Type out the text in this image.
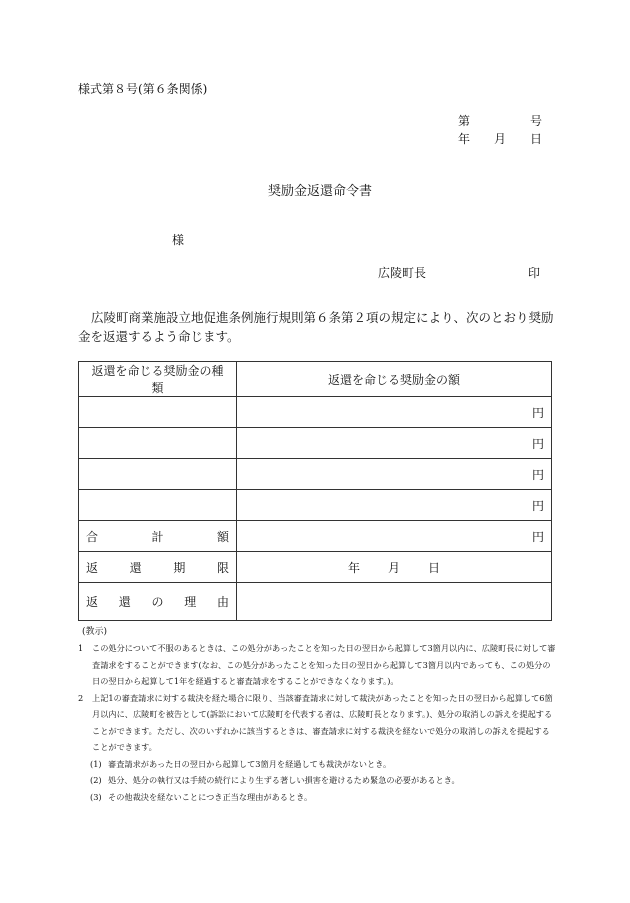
様式第８号(第６条関係)
第	号
年 月 日
奨励金返還命令書
様
広陵町長	印
広陵町商業施設立地促進条例施行規則第６条第２項の規定により、次のとおり奨励金を返還するよう命じます。
返還を命じる奨励金の種類	返還を命じる奨励金の額
	円
	円
	円
	円

合 計 額	円

返 還 期 限	年 月 日

返 還 の 理 由	

(教示)
1 この処分について不服のあるときは、この処分があったことを知った日の翌日から起算して3箇月以内に、広陵町長に対して審査請求をすることができます(なお、この処分があったことを知った日の翌日から起算して3箇月以内であっても、この処分の日の翌日から起算して1年を経過すると審査請求をすることができなくなります。)。
2 上記1の審査請求に対する裁決を経た場合に限り、当該審査請求に対して裁決があったことを知った日の翌日から起算して6箇月以内に、広陵町を被告として(訴訟において広陵町を代表する者は、広陵町長となります。)、処分の取消しの訴えを提起することができます。ただし、次のいずれかに該当するときは、審査請求に対する裁決を経ないで処分の取消しの訴えを提起することができます。
(1) 審査請求があった日の翌日から起算して3箇月を経過しても裁決がないとき。
(2) 処分、処分の執行又は手続の続行により生ずる著しい損害を避けるため緊急の必要があるとき。
(3) その他裁決を経ないことにつき正当な理由があるとき。
